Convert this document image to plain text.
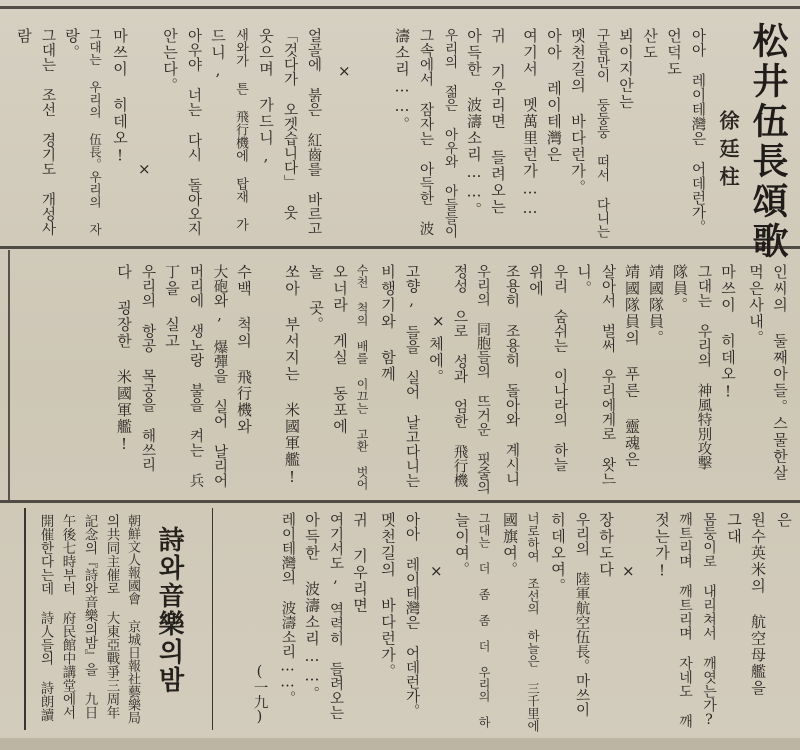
松井伍長頌歌
徐廷柱
아아 레이테灣은 어데런가。
언덕도
산도
뵈이지안는
구름만이 둥둥둥 떠서 다니는
멧천길의 바다런가。
아아 레이테灣은
여기서 멧萬里런가……
귀 기우리면 들려오는
아득한 波濤소리……。
우리의 젊은 아우와 아들들이
그속에서 잠자는 아득한 波
濤소리……。
×
얼골에 붉은 紅齒를 바르고
「것다가 오겟습니다」 웃
웃으며 가드니,
새와가 튼 飛行機에 탑재 가
드니,
아우야 너는 다시 돌아오지
안는다。
×
마쓰이 히데오!
그대는 우리의 伍長。우리의 자
랑。
그대는 조선 경기도 개성사
람
인씨의 둘째아들。스물한살
먹은사내。
마쓰이 히데오!
그대는 우리의 神風特別攻擊
隊員。
靖國隊員。
靖國隊員의 푸른 靈魂은
살아서 벌써 우리에게로 왓느
니。
우리 숨쉬는 이나라의 하늘
위에
조용히 조용히 돌아와 계시니
× 우리의 同胞들의 뜨거운 핏줄의
정성 으로 성과 엄한 飛行機
체에。
고향, 들을 실어 날고다니는
비행기와 함께
수천 척의 배를 이끄는 고환 벗어
오너라 게실 동포에
놀 곳。
쏘아 부서지는 米國軍艦!
수백 척의 飛行機와
大砲와, 爆彈을 실어 날리어
머리에 생노랑 불을 켜는 兵
丁을 실고
우리의 항공 목공을 해쓰리
다 굉장한 米國軍艦!
은
원수英米의 航空母艦을
그대
몸둥이로 내리쳐서 깨엿는가?
깨트리며 깨트리며 자네도 깨
젓는가!
×
장하도다
우리의 陸軍航空伍長。마쓰이
히데오여。
너로하여 조선의 하늘은 三千里에
國旗여。
그대는 더 좀 좀 더 우리의 하
늘이여。
×
아아 레이테灣은 어데런가。
멧천길의 바다런가。
귀 기우리면
여기서도, 역력히 들려오는
아득한 波濤소리……。
레이테灣의 波濤소리……。
(一九)
詩와音樂의밤
朝鮮文人報國會 京城日報社藝樂局
의共同主催로 大東亞戰爭三周年
記念의『詩와音樂의밤』을 九日
午後七時부터 府民館中講堂에서
開催한다는데 詩人들의 詩朗讀
